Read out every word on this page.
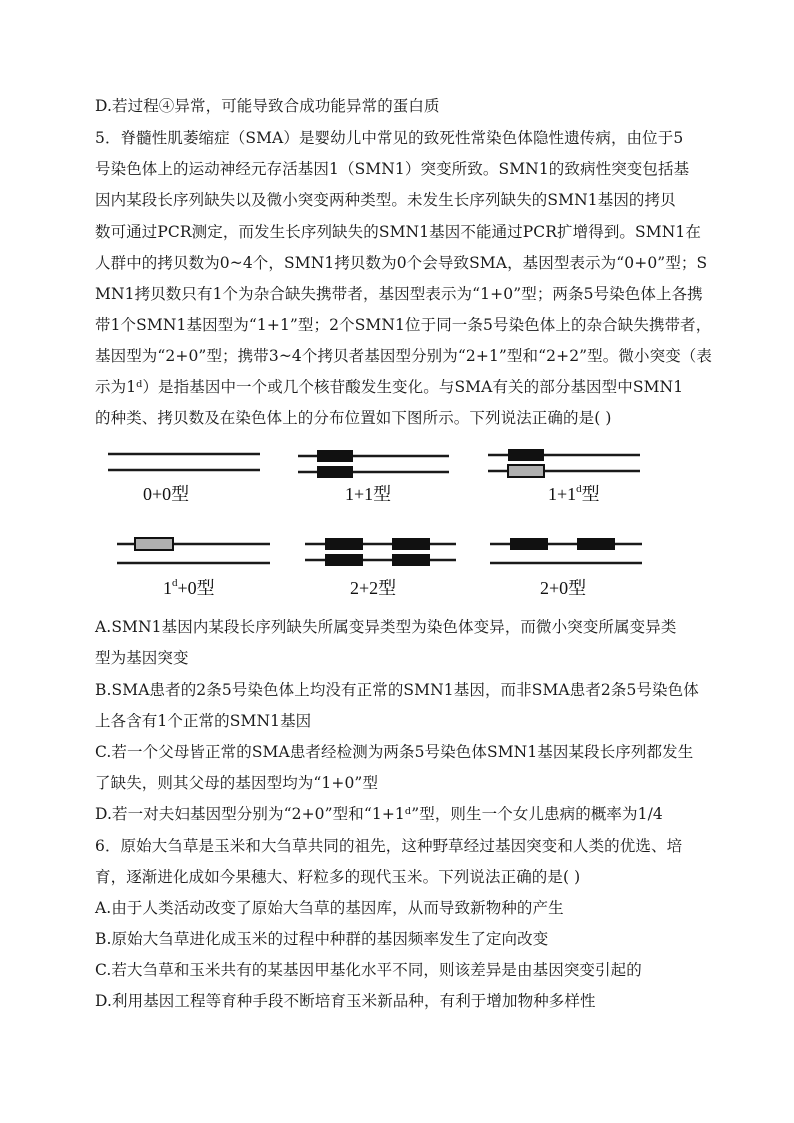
D.若过程④异常，可能导致合成功能异常的蛋白质
5．脊髓性肌萎缩症（SMA）是婴幼儿中常见的致死性常染色体隐性遗传病，由位于5
号染色体上的运动神经元存活基因1（SMN1）突变所致。SMN1的致病性突变包括基
因内某段长序列缺失以及微小突变两种类型。未发生长序列缺失的SMN1基因的拷贝
数可通过PCR测定，而发生长序列缺失的SMN1基因不能通过PCR扩增得到。SMN1在
人群中的拷贝数为0~4个，SMN1拷贝数为0个会导致SMA，基因型表示为“0+0”型；S
MN1拷贝数只有1个为杂合缺失携带者，基因型表示为“1+0”型；两条5号染色体上各携
带1个SMN1基因型为“1+1”型；2个SMN1位于同一条5号染色体上的杂合缺失携带者，
基因型为“2+0”型；携带3~4个拷贝者基因型分别为“2+1”型和“2+2”型。微小突变（表
示为1ᵈ）是指基因中一个或几个核苷酸发生变化。与SMA有关的部分基因型中SMN1
的种类、拷贝数及在染色体上的分布位置如下图所示。下列说法正确的是( )
0+0型	1+1型	$1+1^d$型
$1^d+0$型	2+2型	2+0型
A.SMN1基因内某段长序列缺失所属变异类型为染色体变异，而微小突变所属变异类
型为基因突变
B.SMA患者的2条5号染色体上均没有正常的SMN1基因，而非SMA患者2条5号染色体
上各含有1个正常的SMN1基因
C.若一个父母皆正常的SMA患者经检测为两条5号染色体SMN1基因某段长序列都发生
了缺失，则其父母的基因型均为“1+0”型
D.若一对夫妇基因型分别为“2+0”型和“1+1ᵈ”型，则生一个女儿患病的概率为1/4
6．原始大刍草是玉米和大刍草共同的祖先，这种野草经过基因突变和人类的优选、培
育，逐渐进化成如今果穗大、籽粒多的现代玉米。下列说法正确的是( )
A.由于人类活动改变了原始大刍草的基因库，从而导致新物种的产生
B.原始大刍草进化成玉米的过程中种群的基因频率发生了定向改变
C.若大刍草和玉米共有的某基因甲基化水平不同，则该差异是由基因突变引起的
D.利用基因工程等育种手段不断培育玉米新品种，有利于增加物种多样性
